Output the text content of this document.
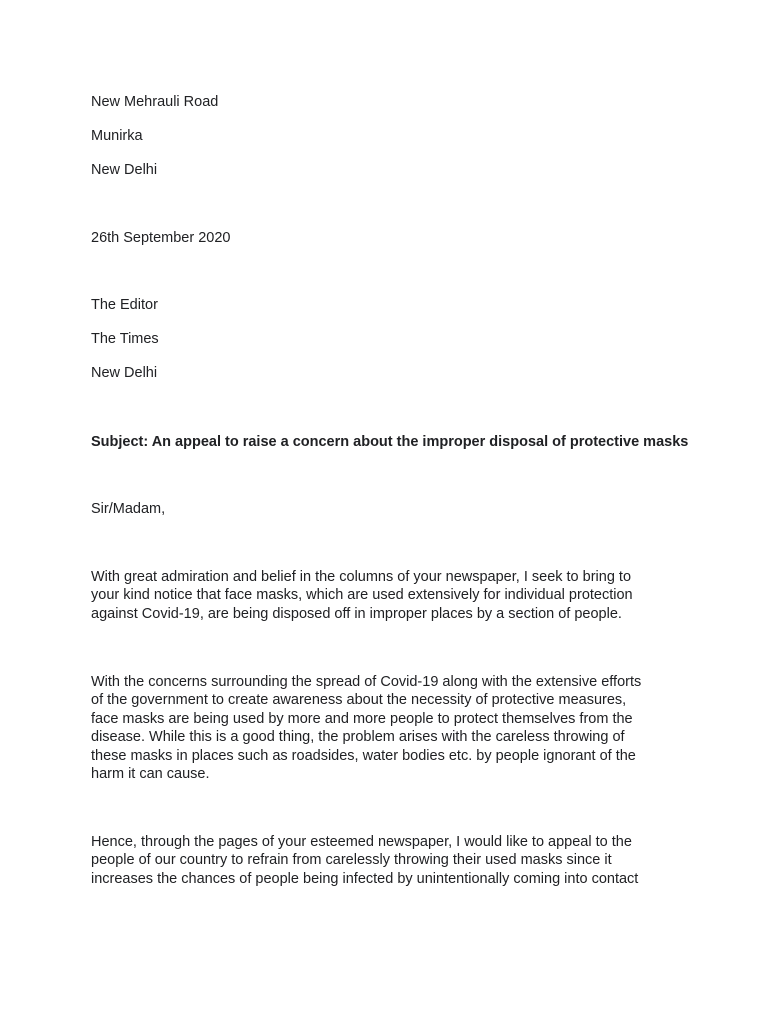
New Mehrauli Road
Munirka
New Delhi
26th September 2020
The Editor
The Times
New Delhi
Subject: An appeal to raise a concern about the improper disposal of protective masks
Sir/Madam,
With great admiration and belief in the columns of your newspaper, I seek to bring to
your kind notice that face masks, which are used extensively for individual protection
against Covid-19, are being disposed off in improper places by a section of people.
With the concerns surrounding the spread of Covid-19 along with the extensive efforts
of the government to create awareness about the necessity of protective measures,
face masks are being used by more and more people to protect themselves from the
disease. While this is a good thing, the problem arises with the careless throwing of
these masks in places such as roadsides, water bodies etc. by people ignorant of the
harm it can cause.
Hence, through the pages of your esteemed newspaper, I would like to appeal to the
people of our country to refrain from carelessly throwing their used masks since it
increases the chances of people being infected by unintentionally coming into contact
